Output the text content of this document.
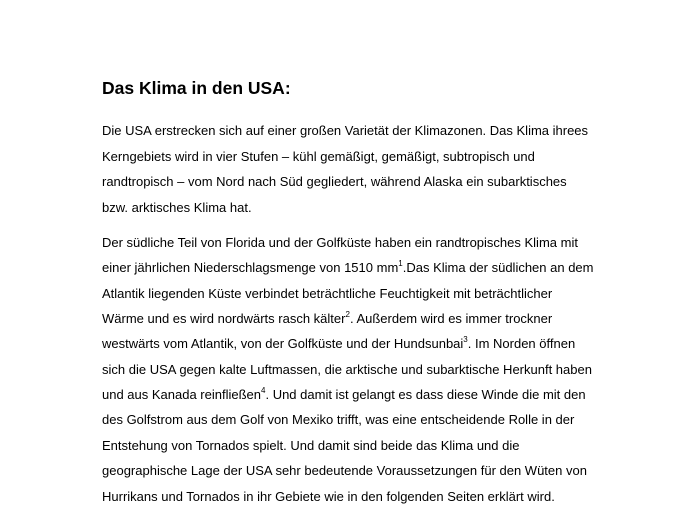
Das Klima in den USA:

Die USA erstrecken sich auf einer großen Varietät der Klimazonen. Das Klima ihrees

Kerngebiets wird in vier Stufen – kühl gemäßigt, gemäßigt, subtropisch und

randtropisch – vom Nord nach Süd gegliedert, während Alaska ein subarktisches

bzw. arktisches Klima hat.

Der südliche Teil von Florida und der Golfküste haben ein randtropisches Klima mit

einer jährlichen Niederschlagsmenge von 1510 $mm^1.Das$ Klima der südlichen an dem

Atlantik liegenden Küste verbindet beträchtliche Feuchtigkeit mit beträchtlicher

Wärme und es wird nordwärts rasch kälter$^2$. Außerdem wird es immer trockner

westwärts vom Atlantik, von der Golfküste und der Hundsunbai$^3$. Im Norden öffnen

sich die USA gegen kalte Luftmassen, die arktische und subarktische Herkunft haben

und aus Kanada reinfließen$^4$. Und damit ist gelangt es dass diese Winde die mit den

des Golfstrom aus dem Golf von Mexiko trifft, was eine entscheidende Rolle in der

Entstehung von Tornados spielt. Und damit sind beide das Klima und die

geographische Lage der USA sehr bedeutende Voraussetzungen für den Wüten von

Hurrikans und Tornados in ihr Gebiete wie in den folgenden Seiten erklärt wird.
